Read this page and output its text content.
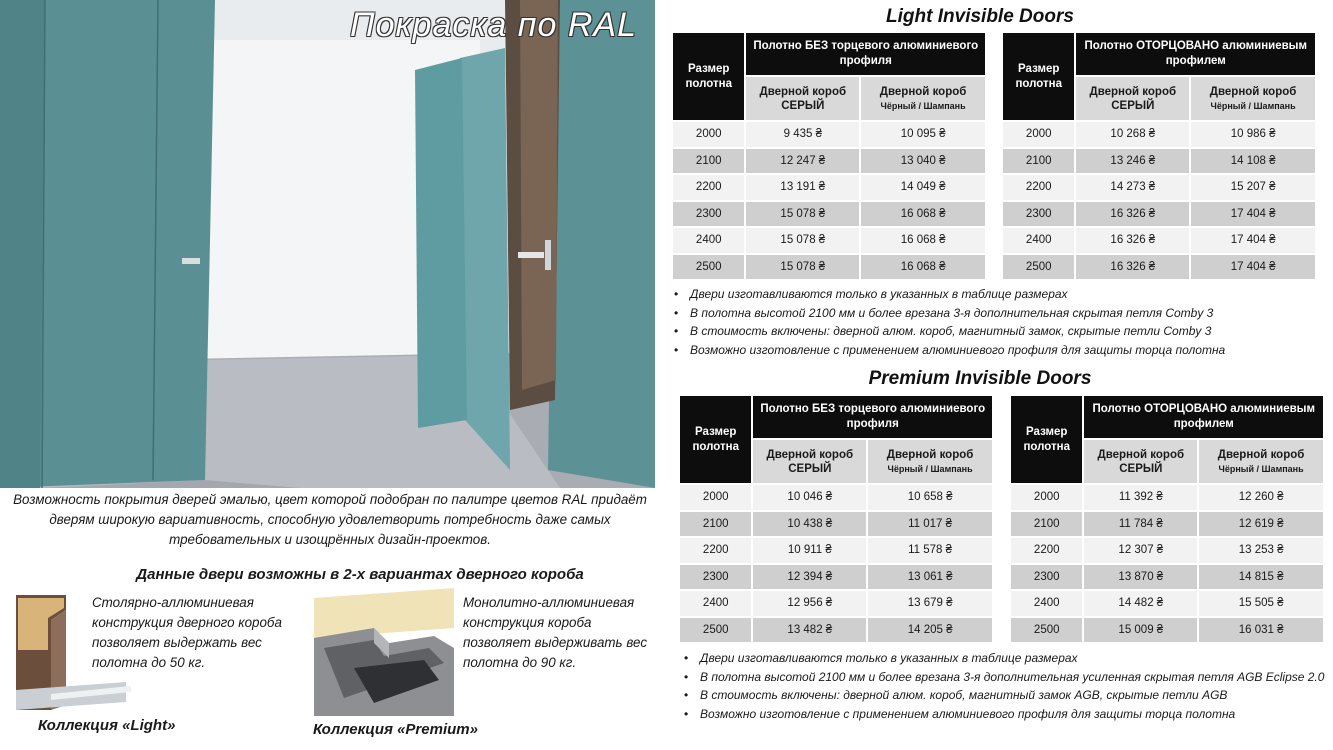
Покраска по RAL
Возможность покрытия дверей эмалью, цвет которой подобран по палитре цветов RAL придаёт дверям широкую вариативность, способную удовлетворить потребность даже самых требовательных и изощрённых дизайн-проектов.
Данные двери возможны в 2-х вариантах дверного короба
Столярно-аллюминиевая конструкция дверного короба позволяет выдержать вес полотна до 50 кг.
Монолитно-аллюминиевая конструкция короба позволяет выдерживать вес полотна до 90 кг.
Коллекция «Light»	Коллекция «Premium»
Light Invisible Doors
Размер полотна	Полотно БЕЗ торцевого алюминиевого профиля	
	Дверной короб СЕРЫЙ	Дверной короб
Чёрный / Шампань

2000	9 435 ₴	10 095 ₴
2100	12 247 ₴	13 040 ₴
2200	13 191 ₴	14 049 ₴
2300	15 078 ₴	16 068 ₴
2400	15 078 ₴	16 068 ₴
2500	15 078 ₴	16 068 ₴
Размер полотна	Полотно ОТОРЦОВАНО алюминиевым профилем	
	Дверной короб СЕРЫЙ	Дверной короб
Чёрный / Шампань

2000	10 268 ₴	10 986 ₴
2100	13 246 ₴	14 108 ₴
2200	14 273 ₴	15 207 ₴
2300	16 326 ₴	17 404 ₴
2400	16 326 ₴	17 404 ₴
2500	16 326 ₴	17 404 ₴
• Двери изготавливаются только в указанных в таблице размерах
• В полотна высотой 2100 мм и более врезана 3-я дополнительная скрытая петля Comby 3
• В стоимость включены: дверной алюм. короб, магнитный замок, скрытые петли Comby 3
• Возможно изготовление с применением алюминиевого профиля для защиты торца полотна
Premium Invisible Doors
Размер полотна	Полотно БЕЗ торцевого алюминиевого профиля	
	Дверной короб СЕРЫЙ	Дверной короб
Чёрный / Шампань

2000	10 046 ₴	10 658 ₴
2100	10 438 ₴	11 017 ₴
2200	10 911 ₴	11 578 ₴
2300	12 394 ₴	13 061 ₴
2400	12 956 ₴	13 679 ₴
2500	13 482 ₴	14 205 ₴
Размер полотна	Полотно ОТОРЦОВАНО алюминиевым профилем	
	Дверной короб СЕРЫЙ	Дверной короб
Чёрный / Шампань

2000	11 392 ₴	12 260 ₴
2100	11 784 ₴	12 619 ₴
2200	12 307 ₴	13 253 ₴
2300	13 870 ₴	14 815 ₴
2400	14 482 ₴	15 505 ₴
2500	15 009 ₴	16 031 ₴
• Двери изготавливаются только в указанных в таблице размерах
• В полотна высотой 2100 мм и более врезана 3-я дополнительная усиленная скрытая петля AGB Eclipse 2.0
• В стоимость включены: дверной алюм. короб, магнитный замок AGB, скрытые петли AGB
• Возможно изготовление с применением алюминиевого профиля для защиты торца полотна
